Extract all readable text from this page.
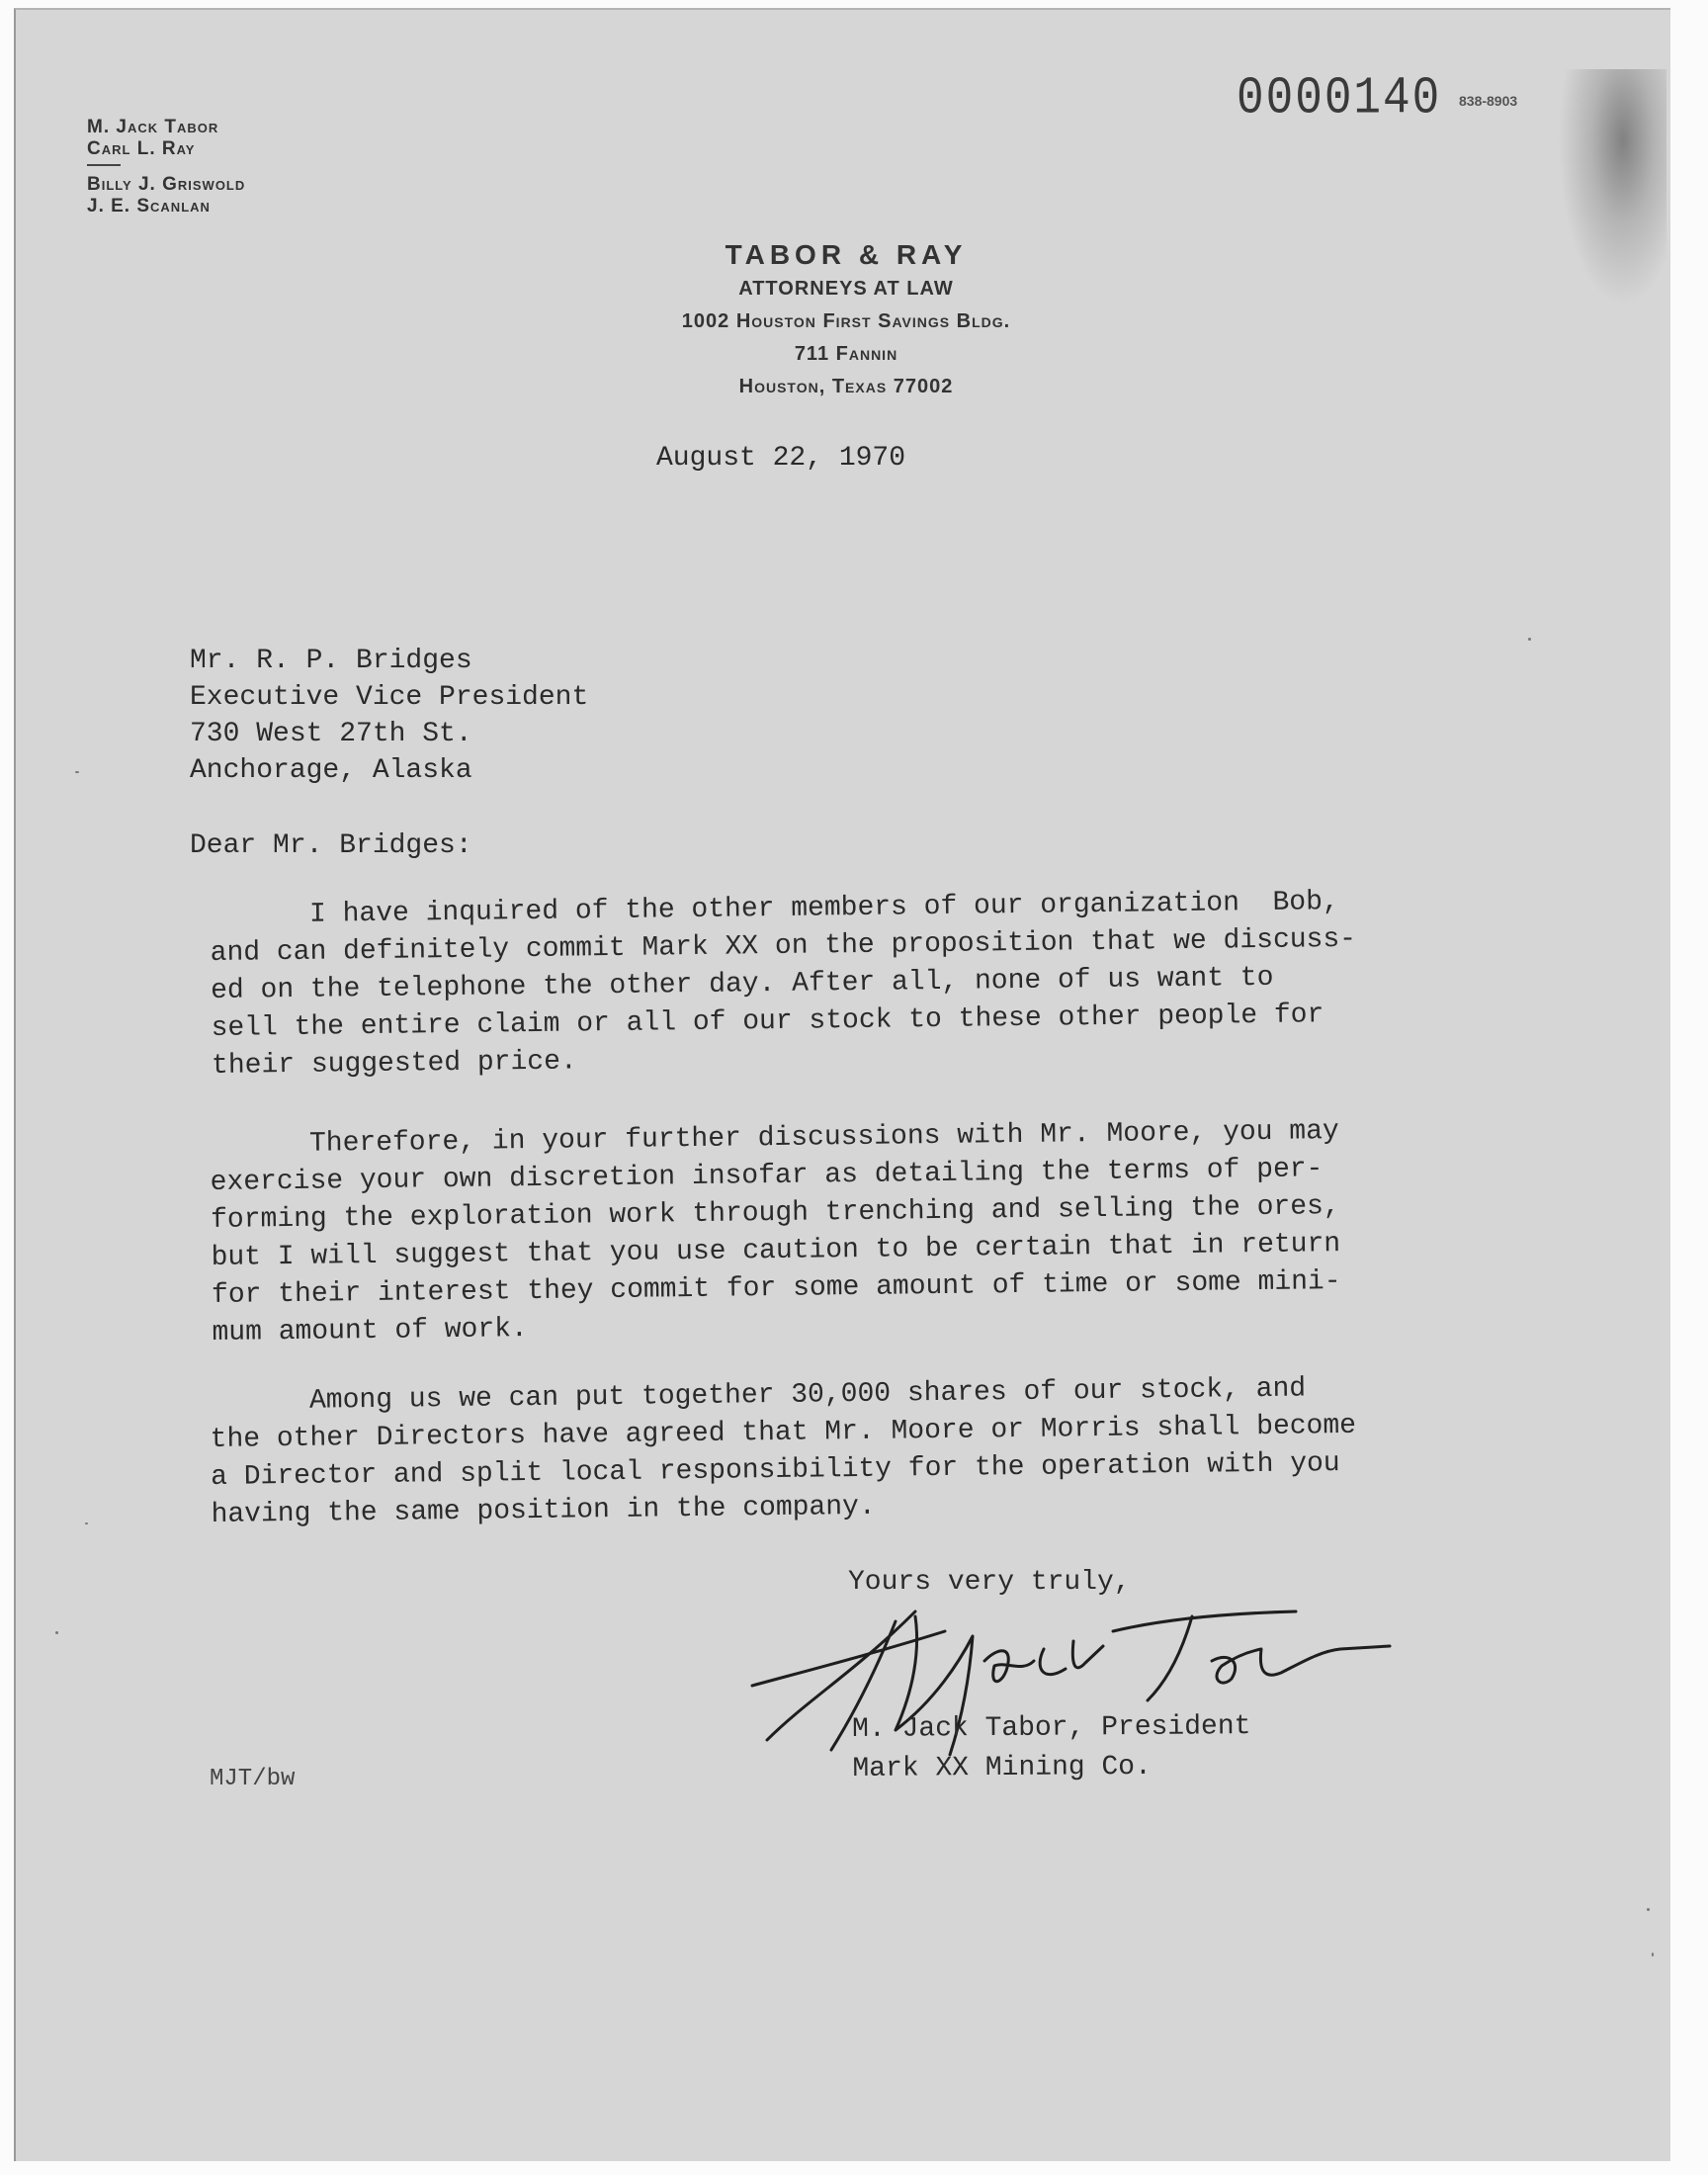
M. Jack Tabor
Carl L. Ray
Billy J. Griswold
J. E. Scanlan
0000140 838-8903
TABOR & RAY
ATTORNEYS AT LAW
1002 Houston First Savings Bldg.
711 Fannin
Houston, Texas 77002
August 22, 1970
Mr. R. P. Bridges
Executive Vice President
730 West 27th St.
Anchorage, Alaska
Dear Mr. Bridges:
I have inquired of the other members of our organization  Bob,
and can definitely commit Mark XX on the proposition that we discuss-
ed on the telephone the other day. After all, none of us want to
sell the entire claim or all of our stock to these other people for
their suggested price.
Therefore, in your further discussions with Mr. Moore, you may
exercise your own discretion insofar as detailing the terms of per-
forming the exploration work through trenching and selling the ores,
but I will suggest that you use caution to be certain that in return
for their interest they commit for some amount of time or some mini-
mum amount of work.
Among us we can put together 30,000 shares of our stock, and
the other Directors have agreed that Mr. Moore or Morris shall become
a Director and split local responsibility for the operation with you
having the same position in the company.
Yours very truly,
M. Jack Tabor, President
Mark XX Mining Co.
MJT/bw
